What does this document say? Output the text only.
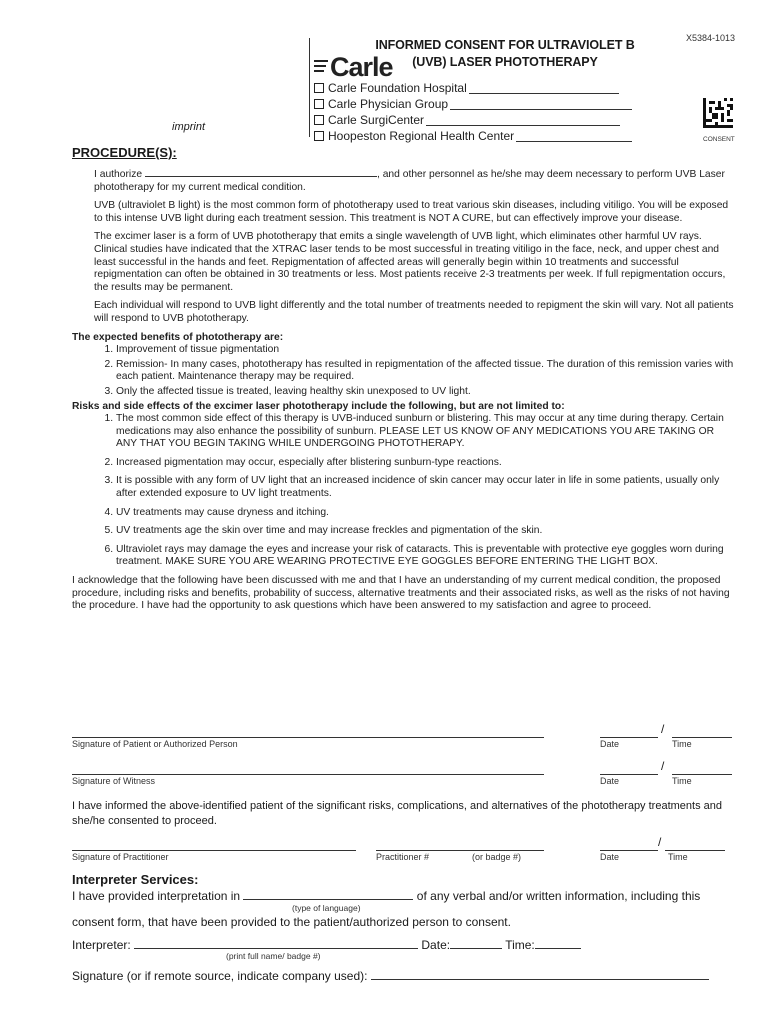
X5384-1013
INFORMED CONSENT FOR ULTRAVIOLET B
(UVB) LASER PHOTOTHERAPY
Carle
Carle Foundation Hospital
Carle Physician Group
Carle SurgiCenter
Hoopeston Regional Health Center
imprint
CONSENT
PROCEDURE(S):

I authorize	, and other personnel as he/she may deem necessary to perform UVB Laser
phototherapy for my current medical condition.

UVB (ultraviolet B light) is the most common form of phototherapy used to treat various skin diseases, including vitiligo. You will be exposed to this intense UVB light during each treatment session. This treatment is NOT A CURE, but can effectively improve your disease.

The excimer laser is a form of UVB phototherapy that emits a single wavelength of UVB light, which eliminates other harmful UV rays. Clinical studies have indicated that the XTRAC laser tends to be most successful in treating vitiligo in the face, neck, and upper chest and least successful in the hands and feet. Repigmentation of affected areas will generally begin within 10 treatments and successful repigmentation can often be obtained in 30 treatments or less. Most patients receive 2-3 treatments per week. If full repigmentation occurs, the results may be permanent.

Each individual will respond to UVB light differently and the total number of treatments needed to repigment the skin will vary. Not all patients will respond to UVB phototherapy.

The expected benefits of phototherapy are:
1. Improvement of tissue pigmentation
2. Remission- In many cases, phototherapy has resulted in repigmentation of the affected tissue. The duration of this remission varies with each patient. Maintenance therapy may be required.
3. Only the affected tissue is treated, leaving healthy skin unexposed to UV light.
Risks and side effects of the excimer laser phototherapy include the following, but are not limited to:
1. The most common side effect of this therapy is UVB-induced sunburn or blistering. This may occur at any time during therapy. Certain medications may also enhance the possibility of sunburn. PLEASE LET US KNOW OF ANY MEDICATIONS YOU ARE TAKING OR ANY THAT YOU BEGIN TAKING WHILE UNDERGOING PHOTOTHERAPY.
2. Increased pigmentation may occur, especially after blistering sunburn-type reactions.
3. It is possible with any form of UV light that an increased incidence of skin cancer may occur later in life in some patients, usually only after extended exposure to UV light treatments.
4. UV treatments may cause dryness and itching.
5. UV treatments age the skin over time and may increase freckles and pigmentation of the skin.
6. Ultraviolet rays may damage the eyes and increase your risk of cataracts. This is preventable with protective eye goggles worn during treatment. MAKE SURE YOU ARE WEARING PROTECTIVE EYE GOGGLES BEFORE ENTERING THE LIGHT BOX.

I acknowledge that the following have been discussed with me and that I have an understanding of my current medical condition, the proposed procedure, including risks and benefits, probability of success, alternative treatments and their associated risks, as well as the risks of not having the procedure. I have had the opportunity to ask questions which have been answered to my satisfaction and agree to proceed.

Signature of Patient or Authorized Person
/
Date	Time
Signature of Witness
/
Date	Time
I have informed the above-identified patient of the significant risks, complications, and alternatives of the phototherapy treatments and she/he consented to proceed.
/
Signature of Practitioner	Practitioner #	(or badge #)	Date	Time
Interpreter Services:
I have provided interpretation in	of any verbal and/or written information, including this
(type of language)
consent form, that have been provided to the patient/authorized person to consent.
Interpreter:	Date:	Time:
(print full name/ badge #)
Signature (or if remote source, indicate company used):
